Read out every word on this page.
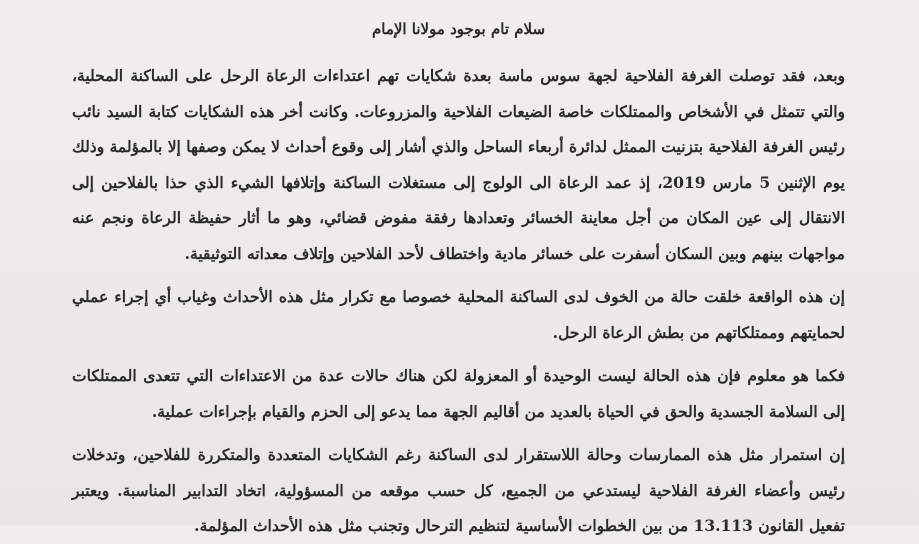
سلام تام بوجود مولانا الإمام

وبعد، فقد توصلت الغرفة الفلاحية لجهة سوس ماسة بعدة شكايات تهم اعتداءات الرعاة الرحل على الساكنة المحلية، والتي تتمثل في الأشخاص والممتلكات خاصة الضيعات الفلاحية والمزروعات. وكانت أخر هذه الشكايات كتابة السيد نائب رئيس الغرفة الفلاحية بتزنيت الممثل لدائرة أربعاء الساحل والذي أشار إلى وقوع أحداث لا يمكن وصفها إلا بالمؤلمة وذلك يوم الإثنين 5 مارس 2019، إذ عمد الرعاة الى الولوج إلى مستغلات الساكنة وإتلافها الشيء الذي حذا بالفلاحين إلى الانتقال إلى عين المكان من أجل معاينة الخسائر وتعدادها رفقة مفوض قضائي، وهو ما أثار حفيظة الرعاة ونجم عنه مواجهات بينهم وبين السكان أسفرت على خسائر مادية واختطاف لأحد الفلاحين وإتلاف معداته التوثيقية.

إن هذه الواقعة خلقت حالة من الخوف لدى الساكنة المحلية خصوصا مع تكرار مثل هذه الأحداث وغياب أي إجراء عملي لحمايتهم وممتلكاتهم من بطش الرعاة الرحل.

فكما هو معلوم فإن هذه الحالة ليست الوحيدة أو المعزولة لكن هناك حالات عدة من الاعتداءات التي تتعدى الممتلكات إلى السلامة الجسدية والحق في الحياة بالعديد من أقاليم الجهة مما يدعو إلى الحزم والقيام بإجراءات عملية.

إن استمرار مثل هذه الممارسات وحالة اللاستقرار لدى الساكنة رغم الشكايات المتعددة والمتكررة للفلاحين، وتدخلات رئيس وأعضاء الغرفة الفلاحية ليستدعي من الجميع، كل حسب موقعه من المسؤولية، اتخاد التدابير المناسبة. ويعتبر تفعيل القانون 13.113 من بين الخطوات الأساسية لتنظيم الترحال وتجنب مثل هذه الأحداث المؤلمة.
